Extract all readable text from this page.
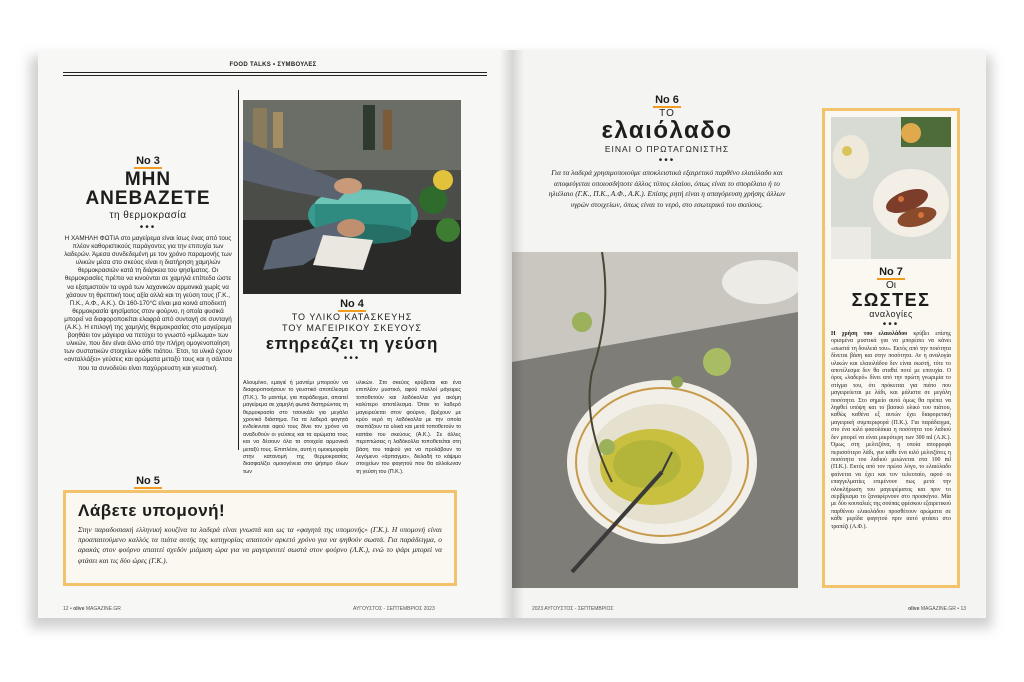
FOOD TALKS • ΣΥΜΒΟΥΛΕΣ
No 3
ΜΗΝ
ΑΝΕΒΑΖΕΤΕ
τη θερμοκρασία
•••
Η ΧΑΜΗΛΗ ΦΩΤΙΑ στο μαγείρεμα είναι ίσως ένας από τους πλέον καθοριστικούς παράγοντες για την επιτυχία των λαδερών. Άμεσα συνδεδεμένη με τον χρόνο παραμονής των υλικών μέσα στο σκεύος είναι η διατήρηση χαμηλών θερμοκρασιών κατά τη διάρκεια του ψησίματος. Οι θερμοκρασίες πρέπει να κινούνται σε χαμηλά επίπεδα ώστε να εξατμιστούν τα υγρά των λαχανικών αρμονικά χωρίς να χάσουν τη θρεπτική τους αξία αλλά και τη γεύση τους (Γ.Κ., Π.Κ., Α.Φ., Α.Κ.). Οι 160-170°C είναι μια κοινά αποδεκτή θερμοκρασία ψησίματος στον φούρνο, η οποία φυσικά μπορεί να διαφοροποιείται ελαφρά από συνταγή σε συνταγή (Α.Κ.). Η επιλογή της χαμηλής θερμοκρασίας στο μαγείρεμα βοηθάει τον μάγειρα να πετύχει το γνωστό «μέλωμα» των υλικών, που δεν είναι άλλο από την πλήρη ομογενοποίηση των συστατικών στοιχείων κάθε πιάτου. Έτσι, τα υλικά έχουν «ανταλλάξει» γεύσεις και αρώματα μεταξύ τους και η σάλτσα που τα συνοδεύει είναι παχύρρευστη και γευστική.
No 4
ΤΟ ΥΛΙΚΟ ΚΑΤΑΣΚΕΥΗΣ
ΤΟΥ ΜΑΓΕΙΡΙΚΟΥ ΣΚΕΥΟΥΣ
επηρεάζει τη γεύση
•••
Αλουμίνιο, εμαγιέ ή μαντέμι μπορούν να διαφοροποιήσουν το γευστικό αποτέλεσμα (Π.Κ.). Το μαντέμι, για παράδειγμα, απαιτεί μαγείρεμα σε χαμηλή φωτιά διατηρώντας τη θερμοκρασία στο τσουκάλι για μεγάλο χρονικό διάστημα. Για τα λαδερά φαγητά ενδείκνυται αφού τους δίνει τον χρόνο να αναδυθούν οι γεύσεις και τα αρώματα τους και να δέσουν όλα τα στοιχεία αρμονικά μεταξύ τους. Επιπλέον, αυτή η ομοιομορφία στην κατανομή της θερμοκρασίας διασφαλίζει ομοιογένεια στο ψήσιμο όλων των
υλικών. Στο σκεύος κρύβεται και ένα επιπλέον μυστικό, αφού πολλοί μάγειρες τοποθετούν και λαδόκολλα για ακόμη καλύτερο αποτέλεσμα. Όταν το λαδερό μαγειρεύεται στον φούρνο, βρέχουν με κρύο νερό τη λαδόκολλα με την οποία σκεπάζουν τα υλικά και μετά τοποθετούν το καπάκι του σκεύους (Α.Κ.). Σε άλλες περιπτώσεις η λαδόκολλα τοποθετείται στη βάση του ταψιού για να προλάβουν το λεγόμενο «άρπαγμα», διελαδή το κάψιμο στοιχείων του φαγητού που θα αλλοίωναν τη γεύση του (Π.Κ.).
No 5
Λάβετε υπομονή!
Στην παραδοσιακή ελληνική κουζίνα τα λαδερά είναι γνωστά και ως τα «φαγητά της υπομονής» (Γ.Κ.). Η υπομονή είναι προαπαιτούμενο καλλός τα πιάτα αυτής της κατηγορίας απαιτούν αρκετό χρόνο για να ψηθούν σωστά. Για παράδειγμα, ο αρακάς στον φούρνο απαιτεί σχεδόν μιάμιση ώρα για να μαγειρευτεί σωστά στον φούρνο (Λ.Κ.), ενώ το ψάρι μπορεί να φτάσει και τις δύο ώρες (Γ.Κ.).
12 • olive MAGAZINE.GR	ΑΥΓΟΥΣΤΟΣ - ΣΕΠΤΕΜΒΡΙΟΣ 2023
No 6
ΤΟ
ελαιόλαδο
ΕΙΝΑΙ Ο ΠΡΩΤΑΓΩΝΙΣΤΗΣ
•••
Για τα λαδερά χρησιμοποιούμε αποκλειστικά εξαιρετικό παρθένο ελαιόλαδο και αποφεύγεται οποιοσδήποτε άλλος τύπος ελαίου, όπως είναι το σπορέλαιο ή το ηλιέλαιο (Γ.Κ., Π.Κ., Α.Φ., Α.Κ.). Επίσης ρητή είναι η απαγόρευση χρήσης άλλων υγρών στοιχείων, όπως είναι το νερό, στο εσωτερικό του σκεύους.
No 7
Οι
ΣΩΣΤΕΣ
αναλογίες
•••
Η χρήση του ελαιολάδου κρύβει επίσης ορισμένα μυστικά για να μπορέσει να κάνει «σωστά τη δουλειά του». Εκτός από την ποιότητα δίνεται βάση και στην ποσότητα. Αν η αναλογία υλικών και ελαιολάδου δεν είναι σωστή, τότε το αποτέλεσμα δεν θα σταθεί ποτέ με επιτυχία. Ο όρος «λαδερό» δίνει από την πρώτη γνωριμία το στίγμα του, ότι πρόκειται για πιάτο που μαγειρεύεται με λάδι, και μάλιστα σε μεγάλη ποσότητα. Στο σημείο αυτό όμως θα πρέπει να ληφθεί υπόψη και το βασικό υλικό του πιάτου, καθώς καθένα εξ αυτών έχει διαφορετική μαγειρική συμπεριφορά (Π.Κ.). Για παράδειγμα, στο ένα κιλό φασολάκια η ποσότητα του λαδιού δεν μπορεί να είναι μικρότερη των 300 ml (Α.Κ.). Όμως στη μελιτζάνα, η οποία απορροφά περισσότερο λάδι, για κάθε ένα κιλό μελιτζάνες η ποσότητα του λαδιού μειώνεται στα 100 ml (Π.Κ.). Εκτός από τον πρώτο λόγο, το ελαιόλαδο φαίνεται να έχει και τον τελευταίο, αφού οι επαγγελματίες επιμένουν πως μετά την ολοκλήρωση του μαγειρέματος και πριν το σερβίρισμα το ξαναφέρνουν στο προσκήνιο. Μία με δύο κουταλιές της σούπας φρέσκου εξαιρετικού παρθένου ελαιολάδου προσθέτουν αρώματα σε κάθε μερίδα φαγητού πριν αυτό φτάσει στο τραπέζι (Α.Φ.).
2023 ΑΥΓΟΥΣΤΟΣ - ΣΕΠΤΕΜΒΡΙΟΣ	olive MAGAZINE.GR • 13
